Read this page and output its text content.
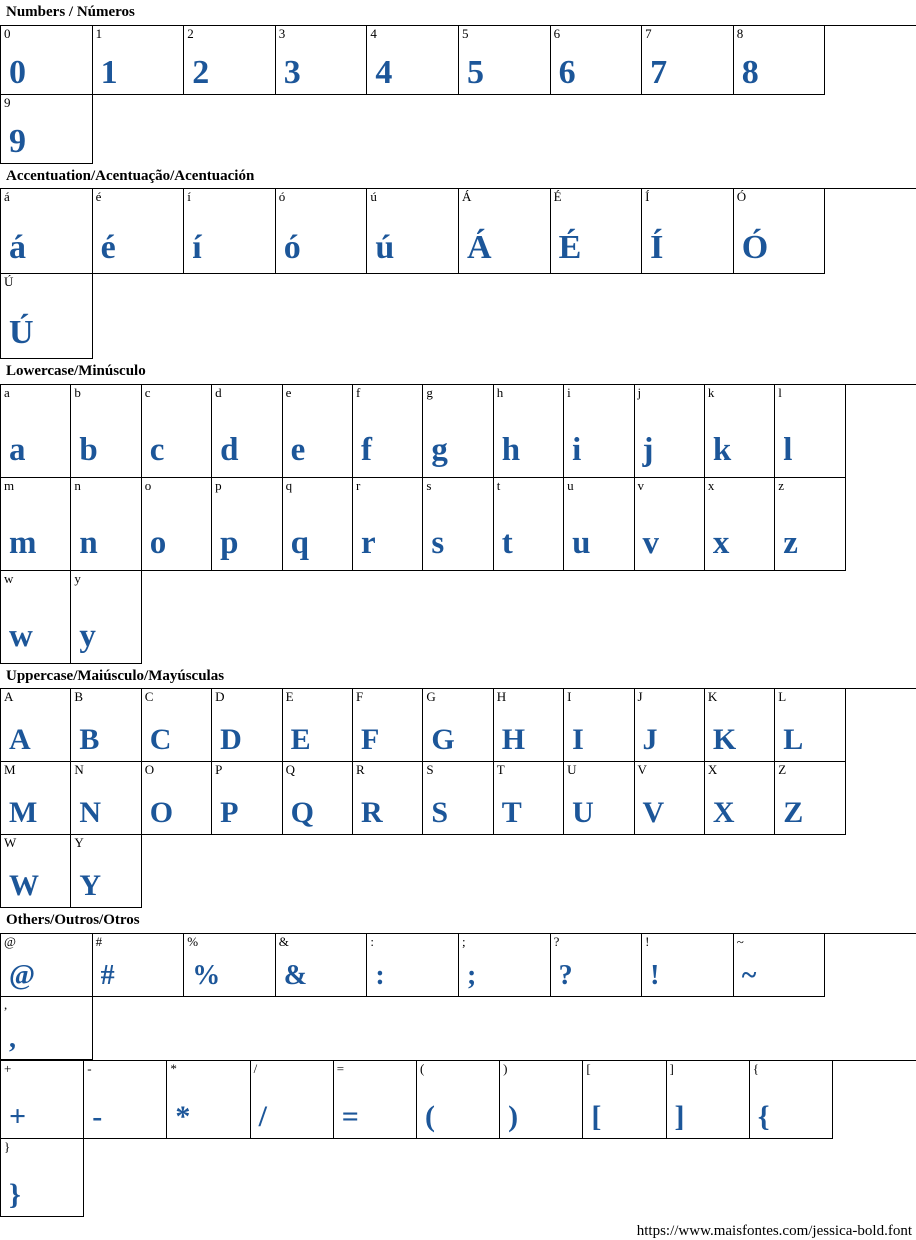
Numbers / Números
0
0
1
1
2
2
3
3
4
4
5
5
6
6
7
7
8
8
9
9
Accentuation/Acentuação/Acentuación
á
á
é
é
í
í
ó
ó
ú
ú
Á
Á
É
É
Í
Í
Ó
Ó
Ú
Ú
Lowercase/Minúsculo
a
a
b
b
c
c
d
d
e
e
f
f
g
g
h
h
i
i
j
j
k
k
l
l
m
m
n
n
o
o
p
p
q
q
r
r
s
s
t
t
u
u
v
v
x
x
z
z
w
w
y
y
Uppercase/Maiúsculo/Mayúsculas
A
A
B
B
C
C
D
D
E
E
F
F
G
G
H
H
I
I
J
J
K
K
L
L
M
M
N
N
O
O
P
P
Q
Q
R
R
S
S
T
T
U
U
V
V
X
X
Z
Z
W
W
Y
Y
Others/Outros/Otros
@
@
#
#
%
%
&
&
:
:
;
;
?
?
!
!
~
~
,
,
+
+
-
-
*
*
/
/
=
=
(
(
)
)
[
[
]
]
{
{
}
}
https://www.maisfontes.com/jessica-bold.font
